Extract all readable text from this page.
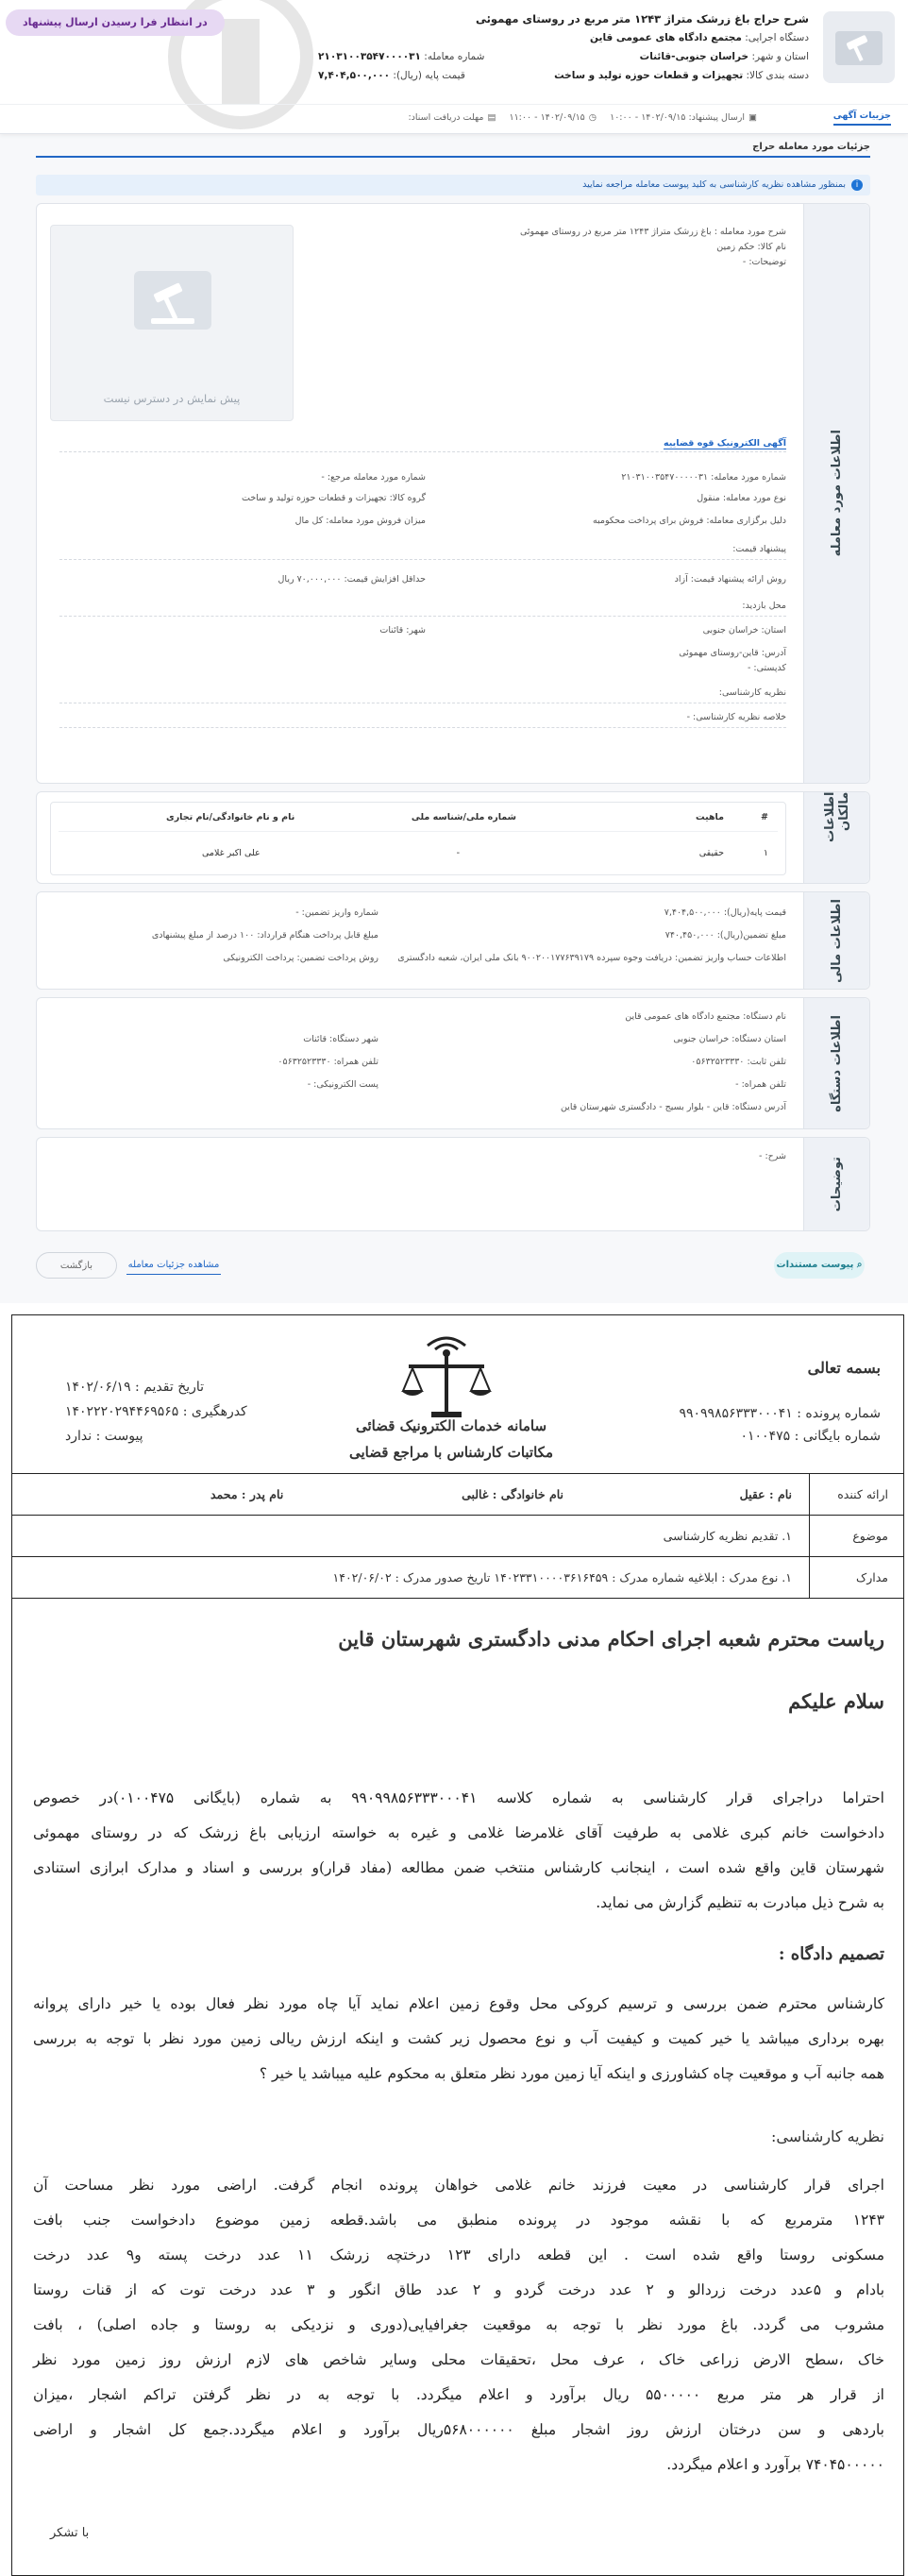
شرح حراج باغ زرشک متراژ ۱۲۴۳ متر مربع در روستای مهموئی
دستگاه اجرایی: مجتمع دادگاه های عمومی قاین
استان و شهر: خراسان جنوبی-قائنات
شماره معامله: ۲۱۰۳۱۰۰۳۵۴۷۰۰۰۰۳۱
دسته بندی کالا: تجهیزات و قطعات حوزه تولید و ساخت
قیمت پایه (ریال): ۷,۴۰۴,۵۰۰,۰۰۰
در انتظار فرا رسیدن ارسال پیشنهاد
جزییات آگهی
▣
ارسال پیشنهاد: ۱۴۰۲/۰۹/۱۵ - ۱۰:۰۰
◷
۱۴۰۲/۰۹/۱۵ - ۱۱:۰۰
▤
مهلت دریافت اسناد:
جزئیات مورد معامله حراج
i
بمنظور مشاهده نظریه کارشناسی به کلید پیوست معامله مراجعه نمایید
اطلاعات مورد معامله
شرح مورد معامله : باغ زرشک متراژ ۱۲۴۳ متر مربع در روستای مهموئی
نام کالا: حکم زمین
توضیحات: -
پیش نمایش در دسترس نیست
آگهی الکترونیک قوه قضاییه
شماره مورد معامله: ۲۱۰۳۱۰۰۳۵۴۷۰۰۰۰۰۳۱
شماره مورد معامله مرجع: -
نوع مورد معامله: منقول
گروه کالا: تجهیزات و قطعات حوزه تولید و ساخت
دلیل برگزاری معامله: فروش برای پرداخت محکومبه
میزان فروش مورد معامله: کل مال
پیشنهاد قیمت:
روش ارائه پیشنهاد قیمت: آزاد
حداقل افزایش قیمت: ۷۰,۰۰۰,۰۰۰ ریال
محل بازدید:
استان: خراسان جنوبی
شهر: قائنات
آدرس: قاین-روستای مهموئی
کدپستی: -
نظریه کارشناسی:
خلاصه نظریه کارشناسی: -
اطلاعات مالکان
#
ماهیت
شماره ملی/شناسه ملی
نام و نام خانوادگی/نام تجاری
۱
حقیقی
-
علی اکبر غلامی
اطلاعات مالی
قیمت پایه(ریال): ۷,۴۰۴,۵۰۰,۰۰۰
شماره واریز تضمین: -
مبلغ تضمین(ریال): ۷۴۰,۴۵۰,۰۰۰
مبلغ قابل پرداخت هنگام قرارداد: ۱۰۰ درصد از مبلغ پیشنهادی
اطلاعات حساب واریز تضمین: دریافت وجوه سپرده ۹۰۰۲۰۰۱۷۷۶۳۹۱۷۹ بانک ملی ایران، شعبه دادگستری
روش پرداخت تضمین: پرداخت الکترونیکی
اطلاعات دستگاه
نام دستگاه: مجتمع دادگاه های عمومی قاین
استان دستگاه: خراسان جنوبی
شهر دستگاه: قائنات
تلفن ثابت: ۰۵۶۳۲۵۲۳۳۳۰
تلفن همراه: ۰۵۶۳۲۵۲۳۳۳۰
تلفن همراه: -
پست الکترونیکی: -
آدرس دستگاه: قاین - بلوار بسیج - دادگستری شهرستان قاین
توضیحات
شرح: -
⌕ پیوست مستندات
مشاهده جزئیات معامله
بازگشت
بسمه تعالی
شماره پرونده : ۹۹۰۹۹۸۵۶۳۳۳۰۰۰۴۱
شماره بایگانی : ۰۱۰۰۴۷۵
تاریخ تقدیم : ۱۴۰۲/۰۶/۱۹
کدرهگیری : ۱۴۰۲۲۲۰۲۹۴۴۶۹۵۶۵
پیوست : ندارد
سامانه خدمات الکترونیک قضائی
مکاتبات کارشناس با مراجع قضایی
ارائه کننده
نام : عقیل
نام خانوادگی : غالبی
نام پدر : محمد
موضوع
۱. تقدیم نظریه کارشناسی
مدارک
۱. نوع مدرک : ابلاغیه شماره مدرک : ۱۴۰۲۳۳۱۰۰۰۰۳۶۱۶۴۵۹ تاریخ صدور مدرک : ۱۴۰۲/۰۶/۰۲
ریاست محترم شعبه اجرای احکام مدنی دادگستری شهرستان قاین
سلام علیکم
احتراما دراجرای قرار کارشناسی به شماره کلاسه ۹۹۰۹۹۸۵۶۳۳۳۰۰۰۴۱ به شماره (بایگانی ۰۱۰۰۴۷۵)در خصوص
دادخواست خانم کبری غلامی به طرفیت آقای غلامرضا غلامی و غیره به خواسته ارزیابی باغ زرشک که در روستای مهموئی
شهرستان قاین واقع شده است ، اینجانب کارشناس منتخب ضمن مطالعه (مفاد قرار)و بررسی و اسناد و مدارک ابرازی استنادی
به شرح ذیل مبادرت به تنظیم گزارش می نماید.
تصمیم دادگاه :
کارشناس محترم ضمن بررسی و ترسیم کروکی محل وقوع زمین اعلام نماید آیا چاه مورد نظر فعال بوده یا خیر دارای پروانه
بهره برداری میباشد یا خیر کمیت و کیفیت آب و نوع محصول زیر کشت و اینکه ارزش ریالی زمین مورد نظر با توجه به بررسی
همه جانبه آب و موقعیت چاه کشاورزی و اینکه آیا زمین مورد نظر متعلق به محکوم علیه میباشد یا خیر ؟
نظریه کارشناسی:
اجرای قرار کارشناسی در معیت فرزند خانم غلامی خواهان پرونده انجام گرفت. اراضی مورد نظر مساحت آن
۱۲۴۳ مترمربع که با نقشه موجود در پرونده منطبق می باشد.قطعه زمین موضوع دادخواست جنب بافت
مسکونی روستا واقع شده است . این قطعه دارای ۱۲۳ درختچه زرشک ۱۱ عدد درخت پسته و۹ عدد درخت
بادام و ۵عدد درخت زردالو و ۲ عدد درخت گردو و ۲ عدد طاق انگور و ۳ عدد درخت توت که از قنات روستا
مشروب می گردد. باغ مورد نظر با توجه به موقعیت جغرافیایی(دوری و نزدیکی به روستا و جاده اصلی) ، بافت
خاک ،سطح الارض زراعی خاک ، عرف محل ،تحقیقات محلی وسایر شاخص های لازم ارزش روز زمین مورد نظر
از قرار هر متر مربع ۵۵۰۰۰۰۰ ریال برآورد و اعلام میگردد. با توجه به در نظر گرفتن تراکم اشجار ،میزان
باردهی و سن درختان ارزش روز اشجار مبلغ ۵۶۸۰۰۰۰۰۰ریال برآورد و اعلام میگردد.جمع کل اشجار و اراضی
۷۴۰۴۵۰۰۰۰۰ برآورد و اعلام میگردد.
با تشکر
